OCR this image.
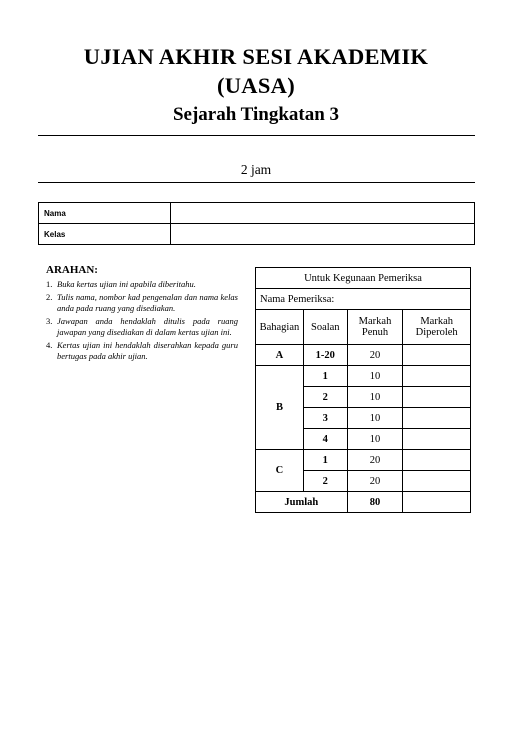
UJIAN AKHIR SESI AKADEMIK
(UASA)
Sejarah Tingkatan 3
2 jam
Nama	
Kelas	
ARAHAN:
1. Buka kertas ujian ini apabila diberitahu.
2. Tulis nama, nombor kad pengenalan dan nama kelas anda pada ruang yang disediakan.
3. Jawapan anda hendaklah ditulis pada ruang jawapan yang disediakan di dalam kertas ujian ini.
4. Kertas ujian ini hendaklah diserahkan kepada guru bertugas pada akhir ujian.
Untuk Kegunaan Pemeriksa			
Nama Pemeriksa:			
Bahagian	Soalan	Markah Penuh	Markah Diperoleh
A	1-20	20	
B	1	10	
	2	10	
	3	10	
	4	10	
C	1	20	
	2	20	
Jumlah		80	
